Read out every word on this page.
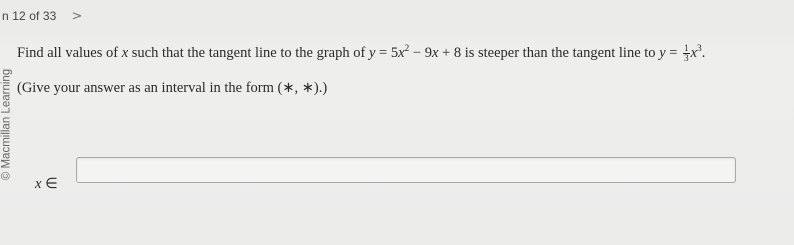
n 12 of 33 >
© Macmillan Learning
Find all values of x such that the tangent line to the graph of $y = 5x^2 - 9x + 8$ is steeper than the tangent line to $y = \frac{1}{3} x^3$.
(Give your answer as an interval in the form (∗, ∗).)
x ∈
